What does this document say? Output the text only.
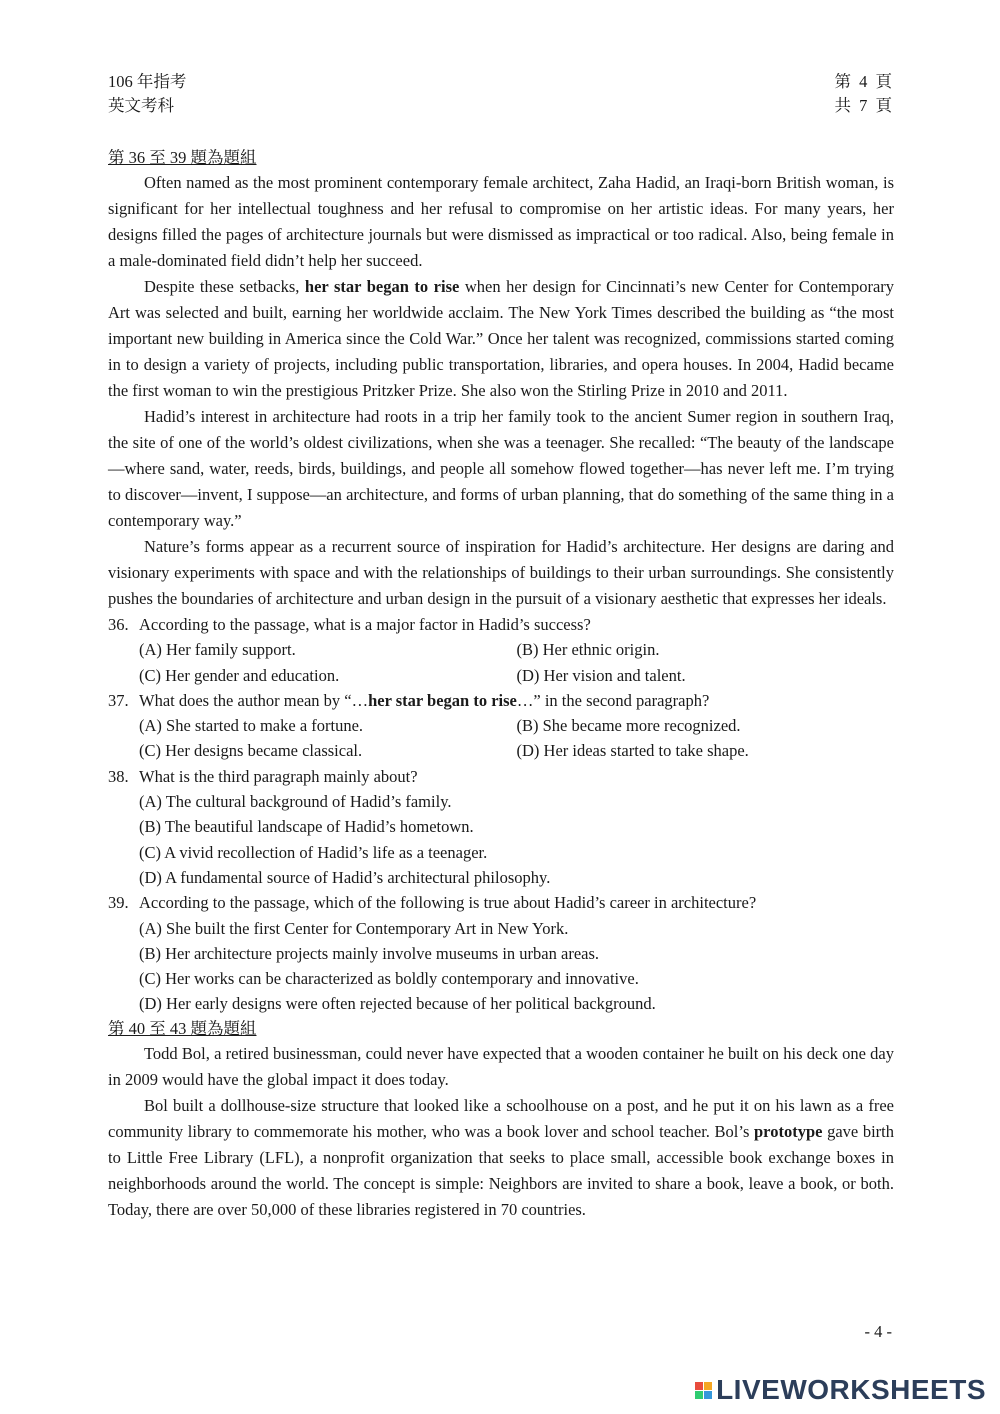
106 年指考
英文考科
第 4 頁
共 7 頁
第 36 至 39 題為題組

Often named as the most prominent contemporary female architect, Zaha Hadid, an Iraqi-born British woman, is significant for her intellectual toughness and her refusal to compromise on her artistic ideas. For many years, her designs filled the pages of architecture journals but were dismissed as impractical or too radical. Also, being female in a male-dominated field didn’t help her succeed.

Despite these setbacks, her star began to rise when her design for Cincinnati’s new Center for Contemporary Art was selected and built, earning her worldwide acclaim. The New York Times described the building as “the most important new building in America since the Cold War.” Once her talent was recognized, commissions started coming in to design a variety of projects, including public transportation, libraries, and opera houses. In 2004, Hadid became the first woman to win the prestigious Pritzker Prize. She also won the Stirling Prize in 2010 and 2011.

Hadid’s interest in architecture had roots in a trip her family took to the ancient Sumer region in southern Iraq, the site of one of the world’s oldest civilizations, when she was a teenager. She recalled: “The beauty of the landscape—where sand, water, reeds, birds, buildings, and people all somehow flowed together—has never left me. I’m trying to discover—invent, I suppose—an architecture, and forms of urban planning, that do something of the same thing in a contemporary way.”

Nature’s forms appear as a recurrent source of inspiration for Hadid’s architecture. Her designs are daring and visionary experiments with space and with the relationships of buildings to their urban surroundings. She consistently pushes the boundaries of architecture and urban design in the pursuit of a visionary aesthetic that expresses her ideals.

36. According to the passage, what is a major factor in Hadid’s success?
(A) Her family support.	(B) Her ethnic origin.
(C) Her gender and education.	(D) Her vision and talent.
37. What does the author mean by “…her star began to rise…” in the second paragraph?
(A) She started to make a fortune.	(B) She became more recognized.
(C) Her designs became classical.	(D) Her ideas started to take shape.
38. What is the third paragraph mainly about?
(A) The cultural background of Hadid’s family.
(B) The beautiful landscape of Hadid’s hometown.
(C) A vivid recollection of Hadid’s life as a teenager.
(D) A fundamental source of Hadid’s architectural philosophy.
39. According to the passage, which of the following is true about Hadid’s career in architecture?
(A) She built the first Center for Contemporary Art in New York.
(B) Her architecture projects mainly involve museums in urban areas.
(C) Her works can be characterized as boldly contemporary and innovative.
(D) Her early designs were often rejected because of her political background.
第 40 至 43 題為題組

Todd Bol, a retired businessman, could never have expected that a wooden container he built on his deck one day in 2009 would have the global impact it does today.

Bol built a dollhouse-size structure that looked like a schoolhouse on a post, and he put it on his lawn as a free community library to commemorate his mother, who was a book lover and school teacher. Bol’s prototype gave birth to Little Free Library (LFL), a nonprofit organization that seeks to place small, accessible book exchange boxes in neighborhoods around the world. The concept is simple: Neighbors are invited to share a book, leave a book, or both. Today, there are over 50,000 of these libraries registered in 70 countries.

- 4 -
LIVEWORKSHEETS
